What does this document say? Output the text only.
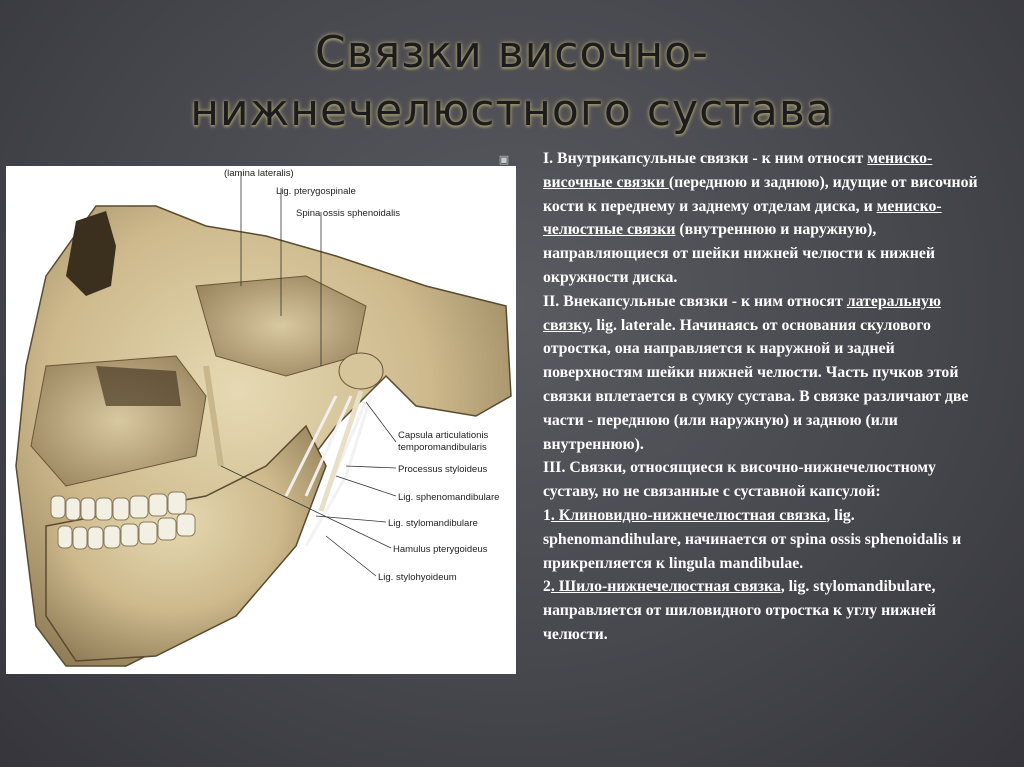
Связки височно-
нижнечелюстного сустава
(lamina lateralis)
Lig. pterygospinale
Spina ossis sphenoidalis
Capsula articulationis
temporomandibularis
Processus styloideus
Lig. sphenomandibulare
Lig. stylomandibulare
Hamulus pterygoideus
Lig. stylohyoideum
▣ I. Внутрикапсульные связки - к ним относят мениско-височные связки (переднюю и заднюю), идущие от височной кости к переднему и заднему отделам диска, и мениско-челюстные связки (внутреннюю и наружную), направляющиеся от шейки нижней челюсти к нижней окружности диска.

II. Внекапсульные связки - к ним относят латеральную связку, lig. laterale. Начинаясь от основания скулового отростка, она направляется к наружной и задней поверхностям шейки нижней челюсти. Часть пучков этой связки вплетается в сумку сустава. В связке различают две части - переднюю (или наружную) и заднюю (или внутреннюю).

III. Связки, относящиеся к височно-нижнечелюстному суставу, но не связанные с суставной капсулой:

1. Клиновидно-нижнечелюстная связка, lig. sphenomandihulare, начинается от spina ossis sphenoidalis и прикрепляется к lingula mandibulae.

2. Шило-нижнечелюстная связка, lig. stylomandibulare, направляется от шиловидного отростка к углу нижней челюсти.
